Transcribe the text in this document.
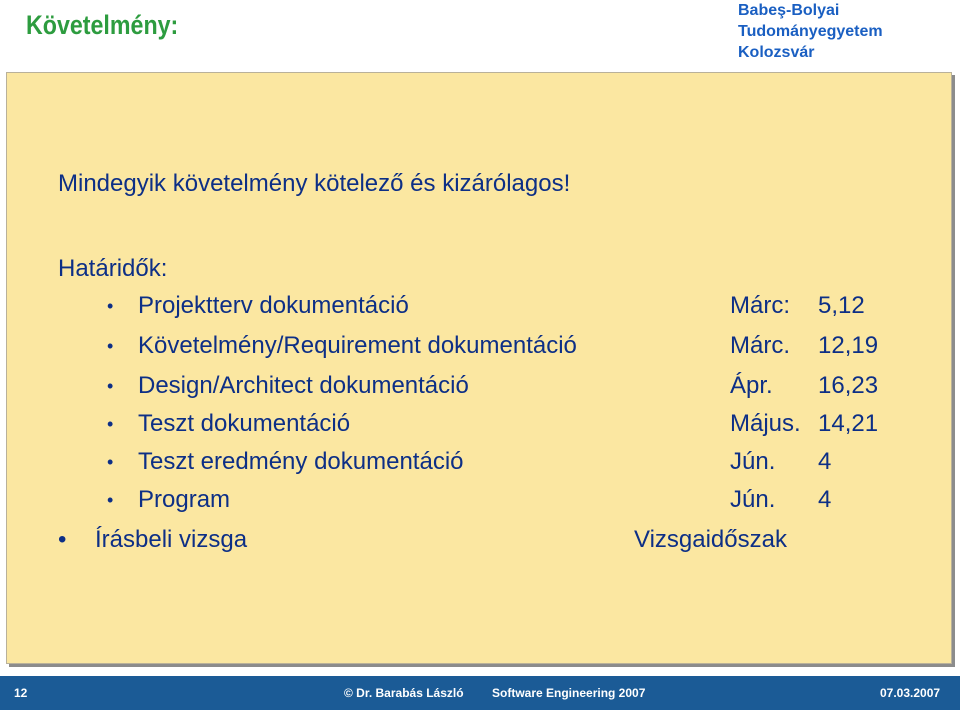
Követelmény:	Babeş-Bolyai
Tudományegyetem
Kolozsvár
Mindegyik követelmény kötelező és kizárólagos!
Határidők:
• Projektterv dokumentáció	Márc: 5,12
• Követelmény/Requirement dokumentáció	Márc. 12,19
• Design/Architect dokumentáció	Ápr. 16,23
• Teszt dokumentáció	Május. 14,21
• Teszt eredmény dokumentáció	Jún. 4
• Program	Jún. 4
• Írásbeli vizsga	Vizsgaidőszak
12	© Dr. Barabás László Software Engineering 2007	07.03.2007
